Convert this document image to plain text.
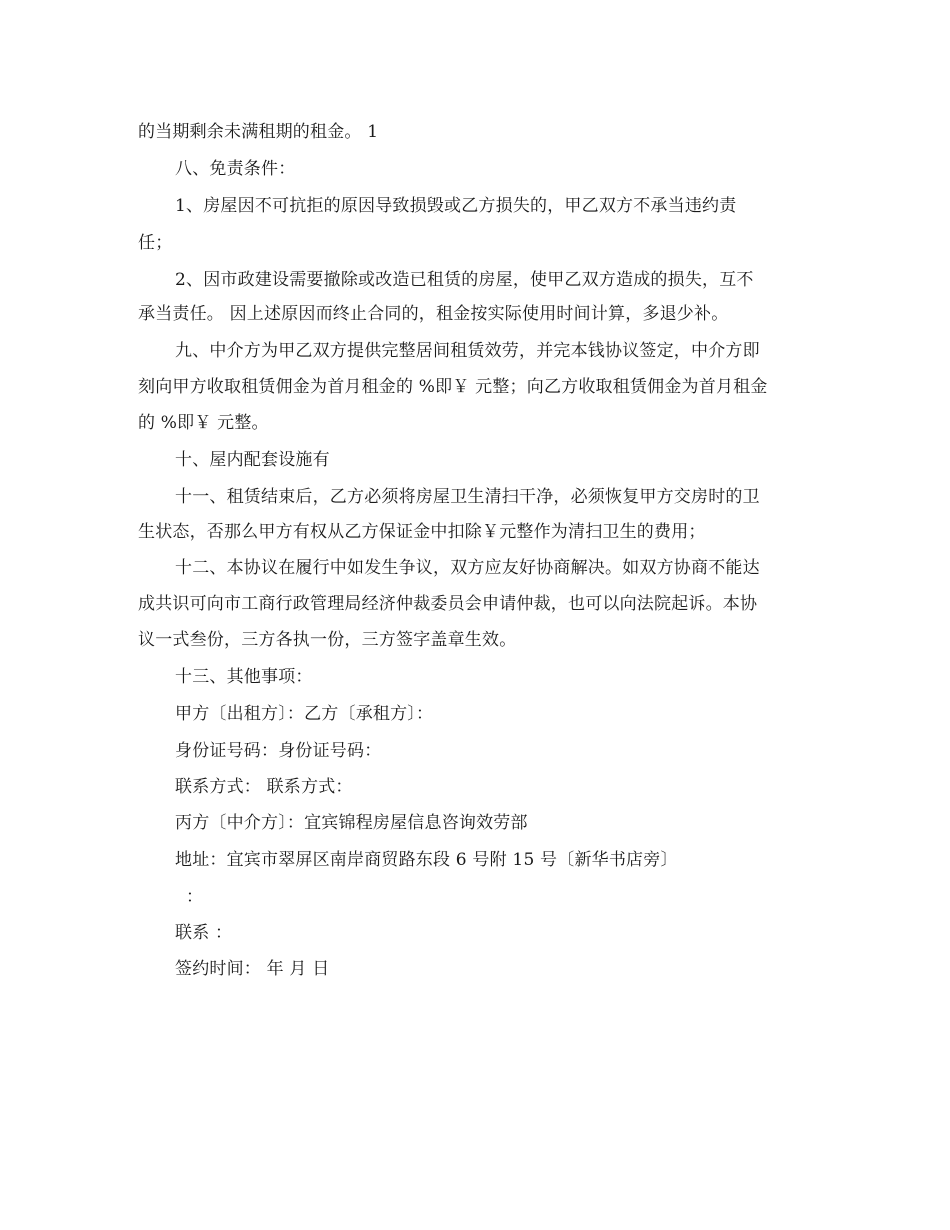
的当期剩余未满租期的租金。 1
八、免责条件：
1、房屋因不可抗拒的原因导致损毁或乙方损失的，甲乙双方不承当违约责
任；
2、因市政建设需要撤除或改造已租赁的房屋，使甲乙双方造成的损失，互不
承当责任。 因上述原因而终止合同的，租金按实际使用时间计算，多退少补。
九、中介方为甲乙双方提供完整居间租赁效劳，并完本钱协议签定，中介方即
刻向甲方收取租赁佣金为首月租金的 %即￥ 元整；向乙方收取租赁佣金为首月租金
的 %即￥ 元整。
十、屋内配套设施有
十一、租赁结束后，乙方必须将房屋卫生清扫干净，必须恢复甲方交房时的卫
生状态，否那么甲方有权从乙方保证金中扣除￥元整作为清扫卫生的费用；
十二、本协议在履行中如发生争议，双方应友好协商解决。如双方协商不能达
成共识可向市工商行政管理局经济仲裁委员会申请仲裁，也可以向法院起诉。本协
议一式叁份，三方各执一份，三方签字盖章生效。
十三、其他事项：
甲方〔出租方〕：乙方〔承租方〕：
身份证号码：身份证号码：
联系方式： 联系方式：
丙方〔中介方〕：宜宾锦程房屋信息咨询效劳部
地址：宜宾市翠屏区南岸商贸路东段 6 号附 15 号〔新华书店旁〕
：
联系 ：
签约时间： 年 月 日
